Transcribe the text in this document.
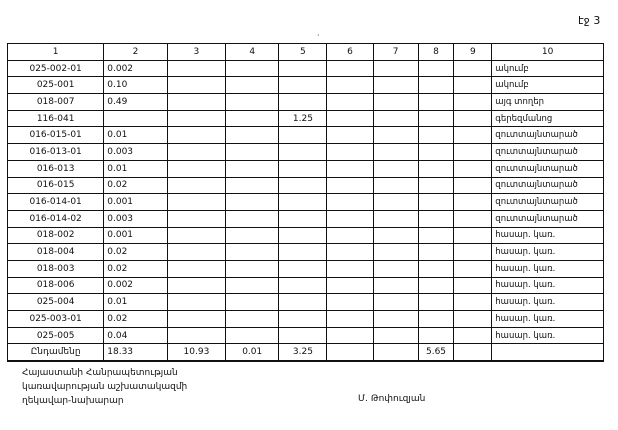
էջ 3
·
1	2	3	4	5	6	7	8	9	10
025-002-01	0.002								ակումբ
025-001	0.10								ակումբ
018-007	0.49								այգ տողեր
116-041				1.25					գերեզմանոց
016-015-01	0.01								զուտտայնտարած
016-013-01	0.003								զուտտայնտարած
016-013	0.01								զուտտայնտարած
016-015	0.02								զուտտայնտարած
016-014-01	0.001								զուտտայնտարած
016-014-02	0.003								զուտտայնտարած
018-002	0.001								հասար. կառ.
018-004	0.02								հասար. կառ.
018-003	0.02								հասար. կառ.
018-006	0.002								հասար. կառ.
025-004	0.01								հասար. կառ.
025-003-01	0.02								հասար. կառ.
025-005	0.04								հասար. կառ.
Ընդամենը	18.33	10.93	0.01	3.25			5.65		
Հայաստանի Հանրապետության
կառավարության աշխատակազմի
ղեկավար-նախարար	Մ. Թոփուզյան
